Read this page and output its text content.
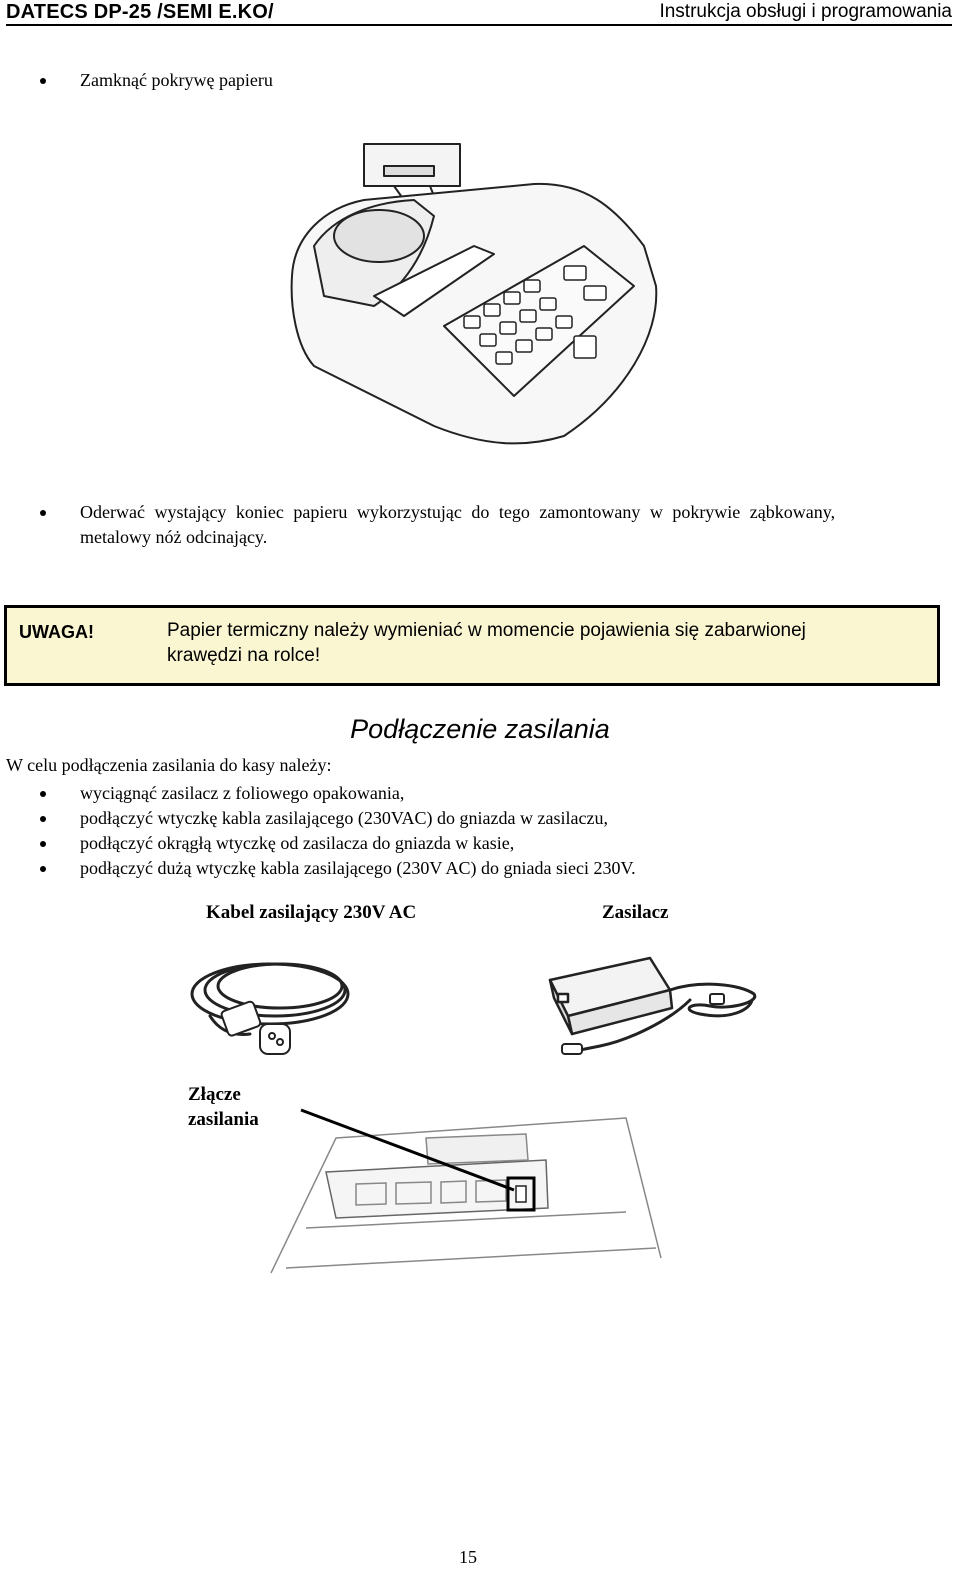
DATECS DP-25 /SEMI E.KO/	Instrukcja obsługi i programowania
Zamknąć pokrywę papieru
Oderwać wystający koniec papieru wykorzystując do tego zamontowany w pokrywie ząbkowany,
metalowy nóż odcinający.
UWAGA!	Papier termiczny należy wymieniać w momencie pojawienia się zabarwionej
krawędzi na rolce!
Podłączenie zasilania
W celu podłączenia zasilania do kasy należy:
wyciągnąć zasilacz z foliowego opakowania,
podłączyć wtyczkę kabla zasilającego (230VAC) do gniazda w zasilaczu,
podłączyć okrągłą wtyczkę od zasilacza do gniazda w kasie,
podłączyć dużą wtyczkę kabla zasilającego (230V AC) do gniada sieci 230V.
Kabel zasilający 230V AC	Zasilacz
Złącze
zasilania
15
